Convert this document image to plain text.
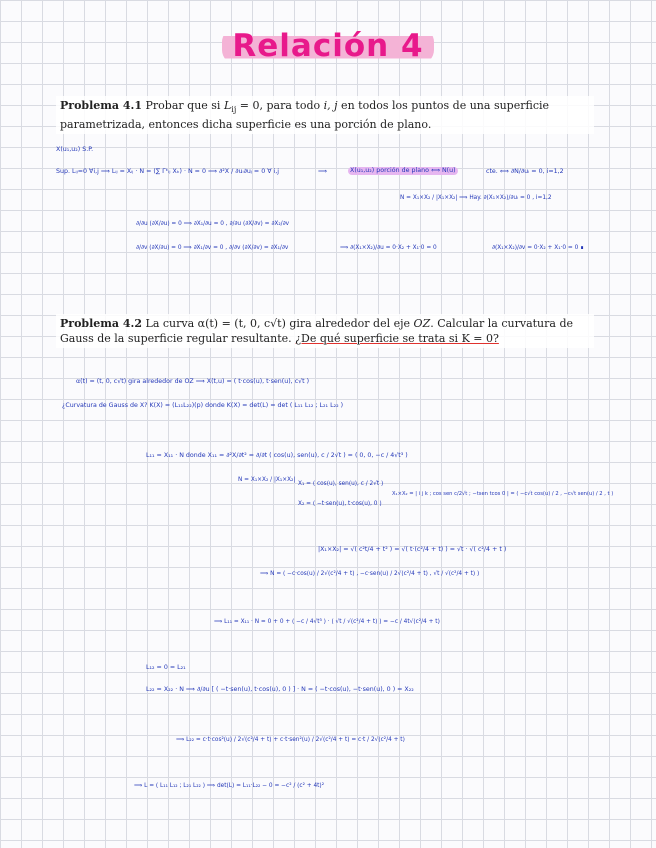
Relación 4
Problema 4.1 Probar que si $L_{ij} = 0$, para todo i, j en todos los puntos de una superficie parametrizada, entonces dicha superficie es una porción de plano.
X(u₁,u₂) S.P.
Sup. Lᵢⱼ=0 ∀i,j ⟹ Lᵢⱼ = Xᵢⱼ · N = (∑ Γᵏᵢⱼ Xₖ) · N = 0 ⟹ ∂²X / ∂uᵢ∂uⱼ = 0 ∀ i,j	⟹	X(u₁,u₂) porción de plano ⟺ N(u)	cte. ⟺ ∂N/∂uᵢ = 0, i=1,2
N = X₁×X₂ / |X₁×X₂| ⟹ Hay. ∂(X₁×X₂)/∂uᵢ = 0 , i=1,2
∂/∂u (∂X/∂u) = 0 ⟹ ∂X₁/∂u = 0 , ∂/∂u (∂X/∂v) = ∂X₂/∂v
∂/∂v (∂X/∂u) = 0 ⟹ ∂X₁/∂v = 0 , ∂/∂v (∂X/∂v) = ∂X₁/∂v	⟹ ∂(X₁×X₂)/∂u = 0·X₂ + X₁·0 = 0	∂(X₁×X₂)/∂v = 0·X₂ + X₁·0 = 0 ∎
Problema 4.2 La curva α(t) = (t, 0, c√t) gira alrededor del eje OZ. Calcular la curvatura de Gauss de la superficie regular resultante. ¿De qué superficie se trata si K = 0?
α(t) = (t, 0, c√t) gira alrededor de OZ ⟹ X(t,u) = ( t·cos(u), t·sen(u), c√t )
¿Curvatura de Gauss de X? K(X) = (L₁₁L₂₂)(p) donde K(X) = det(L) = det ( L₁₁ L₁₂ ; L₂₁ L₂₂ )
L₁₁ = X₁₁ · N donde X₁₁ = ∂²X/∂t² = ∂/∂t ( cos(u), sen(u), c / 2√t ) = ( 0, 0, −c / 4√t³ )
N = X₁×X₂ / |X₁×X₂|
X₁ = ( cos(u), sen(u), c / 2√t )
X₂ = ( −t·sen(u), t·cos(u), 0 )
X₁×X₂ = | i j k ; cos sen c/2√t ; −tsen tcos 0 | = ( −c√t cos(u) / 2 , −c√t sen(u) / 2 , t )
|X₁×X₂| = √( c²t/4 + t² ) = √( t·(c²/4 + t) ) = √t · √( c²/4 + t )
⟹ N = ( −c·cos(u) / 2√(c²/4 + t) , −c·sen(u) / 2√(c²/4 + t) , √t / √(c²/4 + t) )
⟹ L₁₁ = X₁₁ · N = 0 + 0 + ( −c / 4√t³ ) · ( √t / √(c²/4 + t) ) = −c / 4t√(c²/4 + t)
L₁₂ = 0 = L₂₁
L₂₂ = X₂₂ · N ⟹ ∂/∂u [ ( −t·sen(u), t·cos(u), 0 ) ] · N = ( −t·cos(u), −t·sen(u), 0 ) = X₂₂
⟹ L₂₂ = c·t·cos²(u) / 2√(c²/4 + t) + c·t·sen²(u) / 2√(c²/4 + t) = c·t / 2√(c²/4 + t)
⟹ L = ( L₁₁ L₁₂ ; L₂₁ L₂₂ ) ⟹ det(L) = L₁₁·L₂₂ − 0 = −c² / (c² + 4t)²
